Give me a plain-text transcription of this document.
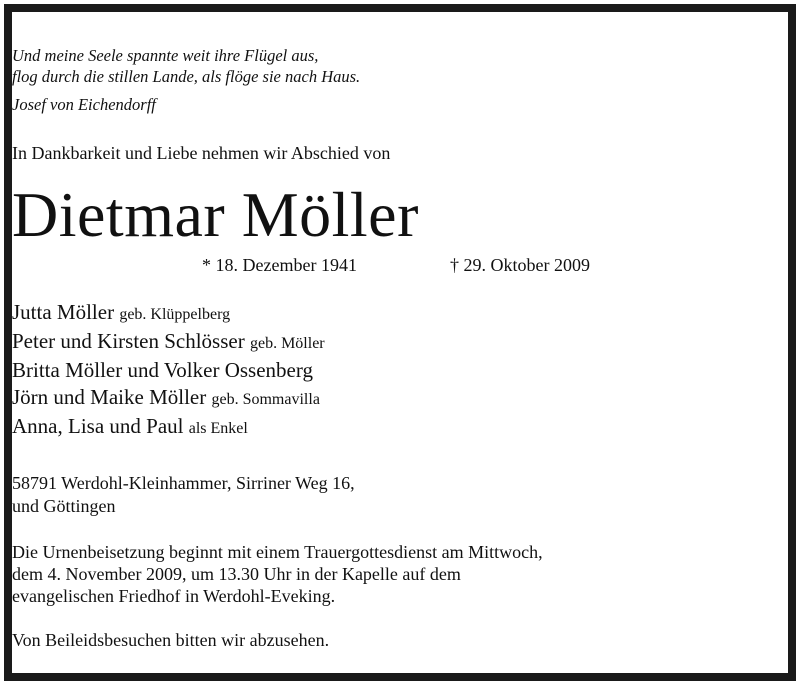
Und meine Seele spannte weit ihre Flügel aus,
flog durch die stillen Lande, als flöge sie nach Haus.
Josef von Eichendorff
In Dankbarkeit und Liebe nehmen wir Abschied von
Dietmar Möller
* 18. Dezember 1941	† 29. Oktober 2009
Jutta Möller geb. Klüppelberg
Peter und Kirsten Schlösser geb. Möller
Britta Möller und Volker Ossenberg
Jörn und Maike Möller geb. Sommavilla
Anna, Lisa und Paul als Enkel
58791 Werdohl-Kleinhammer, Sirriner Weg 16,
und Göttingen
Die Urnenbeisetzung beginnt mit einem Trauergottesdienst am Mittwoch,
dem 4. November 2009, um 13.30 Uhr in der Kapelle auf dem
evangelischen Friedhof in Werdohl-Eveking.
Von Beileidsbesuchen bitten wir abzusehen.
